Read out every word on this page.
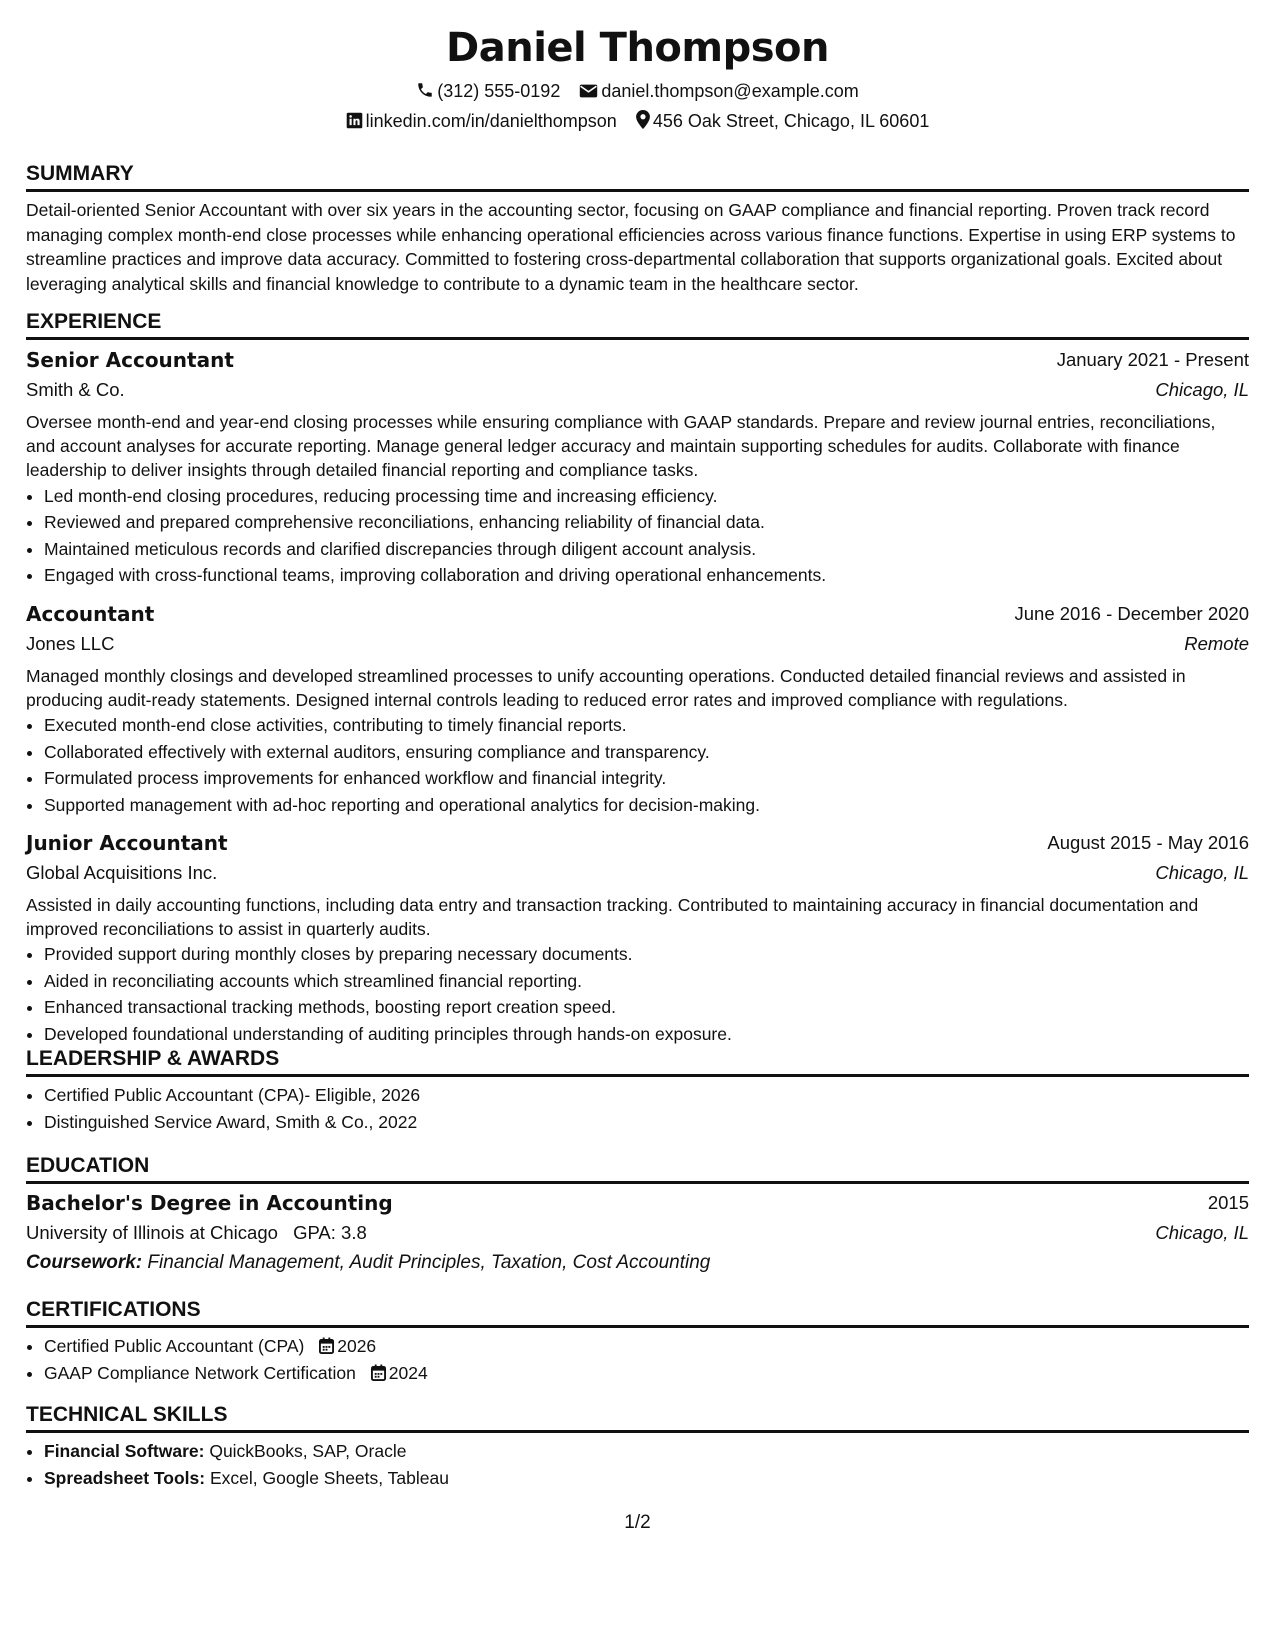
Daniel Thompson
(312) 555-0192 daniel.thompson@example.com
linkedin.com/in/danielthompson 456 Oak Street, Chicago, IL 60601
SUMMARY
Detail-oriented Senior Accountant with over six years in the accounting sector, focusing on GAAP compliance and financial reporting. Proven track record managing complex month-end close processes while enhancing operational efficiencies across various finance functions. Expertise in using ERP systems to streamline practices and improve data accuracy. Committed to fostering cross-departmental collaboration that supports organizational goals. Excited about leveraging analytical skills and financial knowledge to contribute to a dynamic team in the healthcare sector.
EXPERIENCE
Senior Accountant	January 2021 - Present
Smith & Co.	Chicago, IL
Oversee month-end and year-end closing processes while ensuring compliance with GAAP standards. Prepare and review journal entries, reconciliations, and account analyses for accurate reporting. Manage general ledger accuracy and maintain supporting schedules for audits. Collaborate with finance leadership to deliver insights through detailed financial reporting and compliance tasks.
• Led month-end closing procedures, reducing processing time and increasing efficiency.
• Reviewed and prepared comprehensive reconciliations, enhancing reliability of financial data.
• Maintained meticulous records and clarified discrepancies through diligent account analysis.
• Engaged with cross-functional teams, improving collaboration and driving operational enhancements.
Accountant	June 2016 - December 2020
Jones LLC	Remote
Managed monthly closings and developed streamlined processes to unify accounting operations. Conducted detailed financial reviews and assisted in producing audit-ready statements. Designed internal controls leading to reduced error rates and improved compliance with regulations.
• Executed month-end close activities, contributing to timely financial reports.
• Collaborated effectively with external auditors, ensuring compliance and transparency.
• Formulated process improvements for enhanced workflow and financial integrity.
• Supported management with ad-hoc reporting and operational analytics for decision-making.
Junior Accountant	August 2015 - May 2016
Global Acquisitions Inc.	Chicago, IL
Assisted in daily accounting functions, including data entry and transaction tracking. Contributed to maintaining accuracy in financial documentation and improved reconciliations to assist in quarterly audits.
• Provided support during monthly closes by preparing necessary documents.
• Aided in reconciliating accounts which streamlined financial reporting.
• Enhanced transactional tracking methods, boosting report creation speed.
• Developed foundational understanding of auditing principles through hands-on exposure.
LEADERSHIP & AWARDS
• Certified Public Accountant (CPA)- Eligible, 2026
• Distinguished Service Award, Smith & Co., 2022
EDUCATION
Bachelor's Degree in Accounting	2015
University of Illinois at Chicago GPA: 3.8	Chicago, IL
Coursework: Financial Management, Audit Principles, Taxation, Cost Accounting
CERTIFICATIONS
• Certified Public Accountant (CPA) 2026
• GAAP Compliance Network Certification 2024
TECHNICAL SKILLS
• Financial Software: QuickBooks, SAP, Oracle
• Spreadsheet Tools: Excel, Google Sheets, Tableau
1/2
